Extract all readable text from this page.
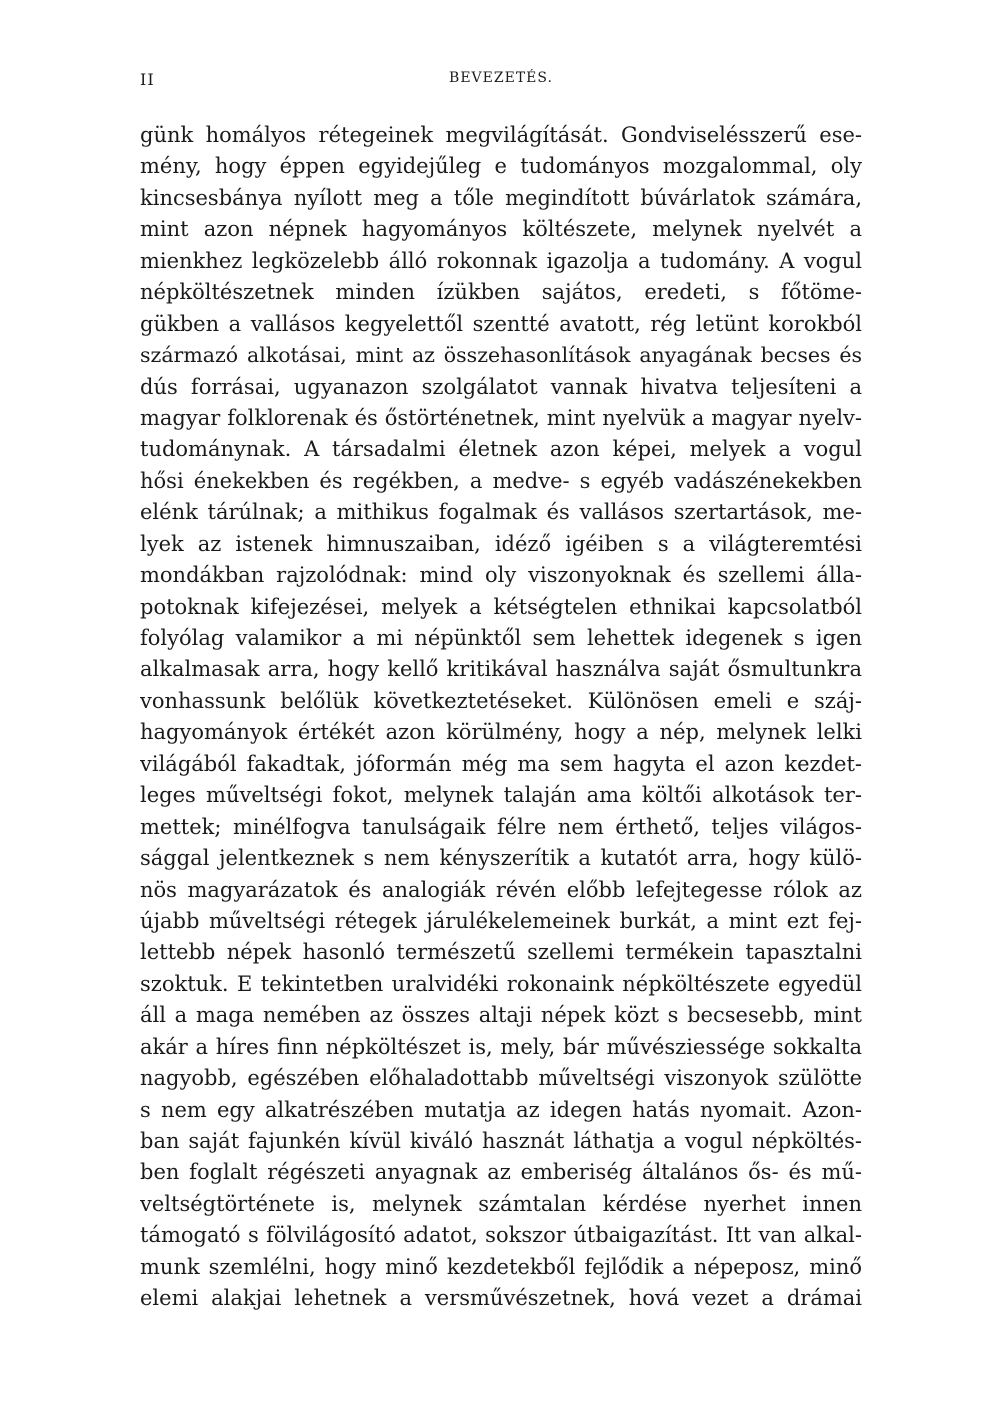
II	BEVEZETÉS.
günk homályos rétegeinek megvilágítását. Gondviselésszerű ese-
mény, hogy éppen egyidejűleg e tudományos mozgalommal, oly
kincsesbánya nyílott meg a tőle megindított búvárlatok számára,
mint azon népnek hagyományos költészete, melynek nyelvét a
mienkhez legközelebb álló rokonnak igazolja a tudomány. A vogul
népköltészetnek minden ízükben sajátos, eredeti, s főtöme-
gükben a vallásos kegyelettől szentté avatott, rég letünt korokból
származó alkotásai, mint az összehasonlítások anyagának becses és
dús forrásai, ugyanazon szolgálatot vannak hivatva teljesíteni a
magyar folklorenak és őstörténetnek, mint nyelvük a magyar nyelv-
tudománynak. A társadalmi életnek azon képei, melyek a vogul
hősi énekekben és regékben, a medve- s egyéb vadászénekekben
elénk tárúlnak; a mithikus fogalmak és vallásos szertartások, me-
lyek az istenek himnuszaiban, idéző igéiben s a világteremtési
mondákban rajzolódnak: mind oly viszonyoknak és szellemi álla-
potoknak kifejezései, melyek a kétségtelen ethnikai kapcsolatból
folyólag valamikor a mi népünktől sem lehettek idegenek s igen
alkalmasak arra, hogy kellő kritikával használva saját ősmultunkra
vonhassunk belőlük következtetéseket. Különösen emeli e száj-
hagyományok értékét azon körülmény, hogy a nép, melynek lelki
világából fakadtak, jóformán még ma sem hagyta el azon kezdet-
leges műveltségi fokot, melynek talaján ama költői alkotások ter-
mettek; minélfogva tanulságaik félre nem érthető, teljes világos-
sággal jelentkeznek s nem kényszerítik a kutatót arra, hogy külö-
nös magyarázatok és analogiák révén előbb lefejtegesse rólok az
újabb műveltségi rétegek járulékelemeinek burkát, a mint ezt fej-
lettebb népek hasonló természetű szellemi termékein tapasztalni
szoktuk. E tekintetben uralvidéki rokonaink népköltészete egyedül
áll a maga nemében az összes altaji népek közt s becsesebb, mint
akár a híres finn népköltészet is, mely, bár művésziessége sokkalta
nagyobb, egészében előhaladottabb műveltségi viszonyok szülötte
s nem egy alkatrészében mutatja az idegen hatás nyomait. Azon-
ban saját fajunkén kívül kiváló hasznát láthatja a vogul népköltés-
ben foglalt régészeti anyagnak az emberiség általános ős- és mű-
veltségtörténete is, melynek számtalan kérdése nyerhet innen
támogató s fölvilágosító adatot, sokszor útbaigazítást. Itt van alkal-
munk szemlélni, hogy minő kezdetekből fejlődik a népeposz, minő
elemi alakjai lehetnek a versművészetnek, hová vezet a drámai
